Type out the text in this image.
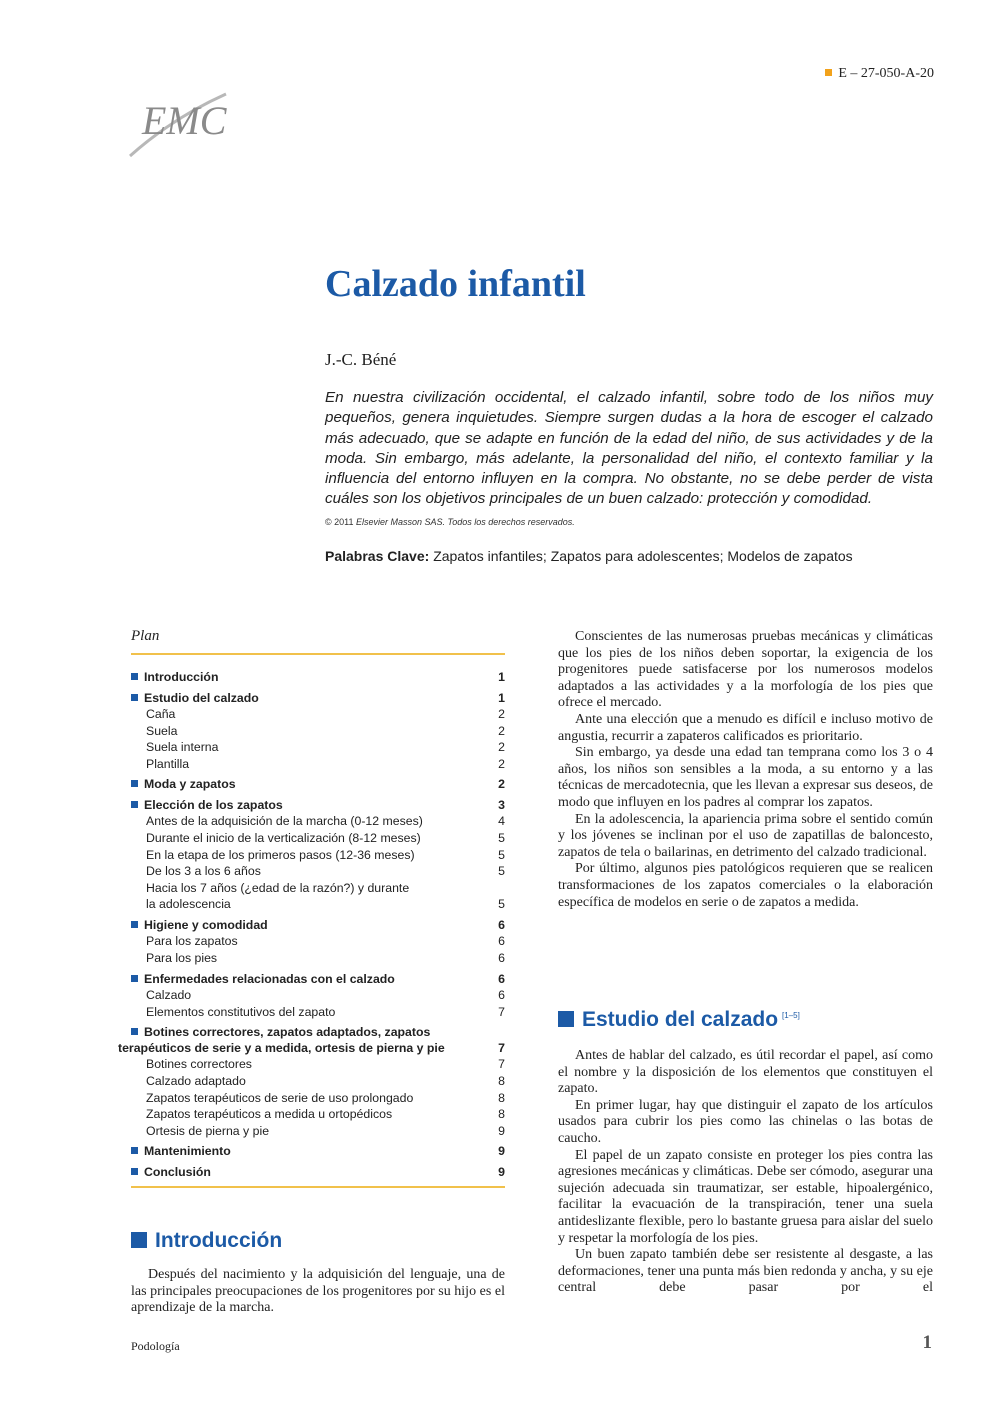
EMC
E – 27-050-A-20
Calzado infantil
J.-C. Béné
En nuestra civilización occidental, el calzado infantil, sobre todo de los niños muy pequeños, genera inquietudes. Siempre surgen dudas a la hora de escoger el calzado más adecuado, que se adapte en función de la edad del niño, de sus actividades y de la moda. Sin embargo, más adelante, la personalidad del niño, el contexto familiar y la influencia del entorno influyen en la compra. No obstante, no se debe perder de vista cuáles son los objetivos principales de un buen calzado: protección y comodidad.
© 2011 Elsevier Masson SAS. Todos los derechos reservados.
Palabras Clave: Zapatos infantiles; Zapatos para adolescentes; Modelos de zapatos
Plan
Introducción	1
Estudio del calzado	1
Caña	2
Suela	2
Suela interna	2
Plantilla	2
Moda y zapatos	2
Elección de los zapatos	3
Antes de la adquisición de la marcha (0-12 meses)	4
Durante el inicio de la verticalización (8-12 meses)	5
En la etapa de los primeros pasos (12-36 meses)	5
De los 3 a los 6 años	5
Hacia los 7 años (¿edad de la razón?) y durante
la adolescencia	5
Higiene y comodidad	6
Para los zapatos	6
Para los pies	6
Enfermedades relacionadas con el calzado	6
Calzado	6
Elementos constitutivos del zapato	7
Botines correctores, zapatos adaptados, zapatos
terapéuticos de serie y a medida, ortesis de pierna y pie	7
Botines correctores	7
Calzado adaptado	8
Zapatos terapéuticos de serie de uso prolongado	8
Zapatos terapéuticos a medida u ortopédicos	8
Ortesis de pierna y pie	9
Mantenimiento	9
Conclusión	9
Introducción
Después del nacimiento y la adquisición del lenguaje, una de las principales preocupaciones de los progenitores por su hijo es el aprendizaje de la marcha.

Conscientes de las numerosas pruebas mecánicas y climáticas que los pies de los niños deben soportar, la exigencia de los progenitores puede satisfacerse por los numerosos modelos adaptados a las actividades y a la morfología de los pies que ofrece el mercado.

Ante una elección que a menudo es difícil e incluso motivo de angustia, recurrir a zapateros calificados es prioritario.

Sin embargo, ya desde una edad tan temprana como los 3 o 4 años, los niños son sensibles a la moda, a su entorno y a las técnicas de mercadotecnia, que les llevan a expresar sus deseos, de modo que influyen en los padres al comprar los zapatos.

En la adolescencia, la apariencia prima sobre el sentido común y los jóvenes se inclinan por el uso de zapatillas de baloncesto, zapatos de tela o bailarinas, en detrimento del calzado tradicional.

Por último, algunos pies patológicos requieren que se realicen transformaciones de los zapatos comerciales o la elaboración específica de modelos en serie o de zapatos a medida.

Estudio del calzado [1–5]

Antes de hablar del calzado, es útil recordar el papel, así como el nombre y la disposición de los elementos que constituyen el zapato.

En primer lugar, hay que distinguir el zapato de los artículos usados para cubrir los pies como las chinelas o las botas de caucho.

El papel de un zapato consiste en proteger los pies contra las agresiones mecánicas y climáticas. Debe ser cómodo, asegurar una sujeción adecuada sin traumatizar, ser estable, hipoalergénico, facilitar la evacuación de la transpiración, tener una suela antideslizante flexible, pero lo bastante gruesa para aislar del suelo y respetar la morfología de los pies.

Un buen zapato también debe ser resistente al desgaste, a las deformaciones, tener una punta más bien redonda y ancha, y su eje central debe pasar por el

Podología	1
